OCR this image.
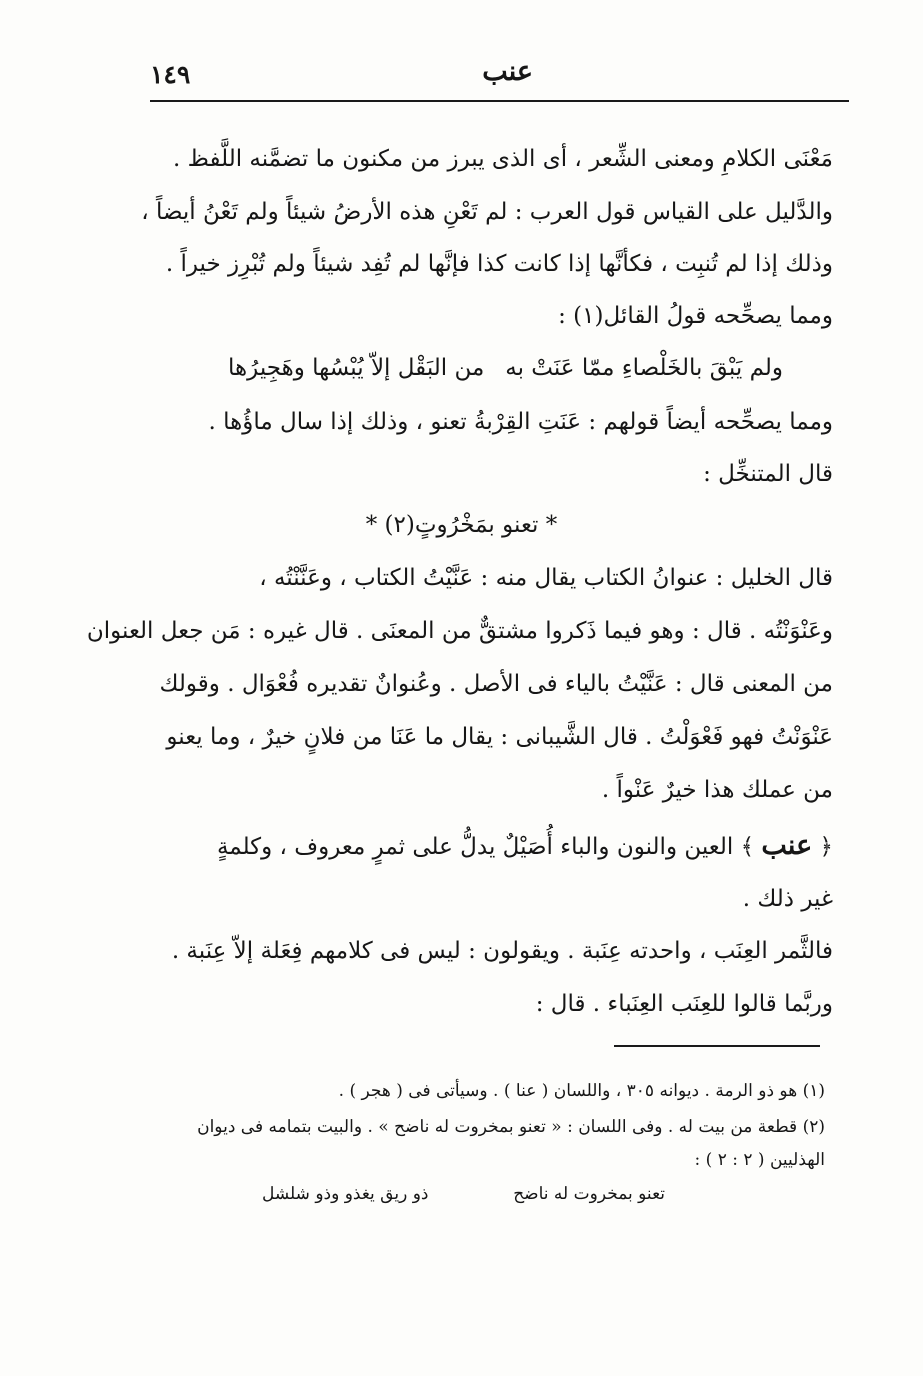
١٤٩	عنب
مَعْنَى الكلامِ ومعنى الشِّعر ، أى الذى يبرز من مكنون ما تضمَّنه اللَّفظ .
والدَّليل على القياس قول العرب : لم تَعْنِ هذه الأرضُ شيئاً ولم تَعْنُ أيضاً ،
وذلك إذا لم تُنبِت ، فكأنَّها إذا كانت كذا فإنَّها لم تُفِد شيئاً ولم تُبْرِز خيراً .
ومما يصحِّحه قولُ القائل(١) :
ولم يَبْقَ بالخَلْصاءِ ممّا عَنَتْ به
من البَقْل إلاّ يُبْسُها وهَجِيرُها
ومما يصحِّحه أيضاً قولهم : عَنَتِ القِرْبةُ تعنو ، وذلك إذا سال ماؤُها .
قال المتنخِّل :
* تعنو بمَخْرُوتٍ(٢) *
قال الخليل : عنوانُ الكتاب يقال منه : عَنَّيْتُ الكتاب ، وعَنَّنْتُه ،
وعَنْوَنْتُه . قال : وهو فيما ذَكروا مشتقٌّ من المعنَى . قال غيره : مَن جعل العنوان
من المعنى قال : عَنَّيْتُ بالياء فى الأصل . وعُنوانٌ تقديره فُعْوَال . وقولك
عَنْوَنْتُ فهو فَعْوَلْتُ . قال الشَّيبانى : يقال ما عَنَا من فلانٍ خيرٌ ، وما يعنو
من عملك هذا خيرٌ عَنْواً .
﴿ عنب ﴾ العين والنون والباء أُصَيْلٌ يدلُّ على ثمرٍ معروف ، وكلمةٍ
غير ذلك .
فالثَّمر العِنَب ، واحدته عِنَبة . ويقولون : ليس فى كلامهم فِعَلة إلاّ عِنَبة .
وربَّما قالوا للعِنَب العِنَباء . قال :
(١) هو ذو الرمة . ديوانه ٣٠٥ ، واللسان ( عنا ) . وسيأتى فى ( هجر ) .
(٢) قطعة من بيت له . وفى اللسان : « تعنو بمخروت له ناضح » . والبيت بتمامه فى ديوان
الهذليين ( ٢ : ٢ ) :
تعنو بمخروت له ناضح
ذو ريق يغذو وذو شلشل
